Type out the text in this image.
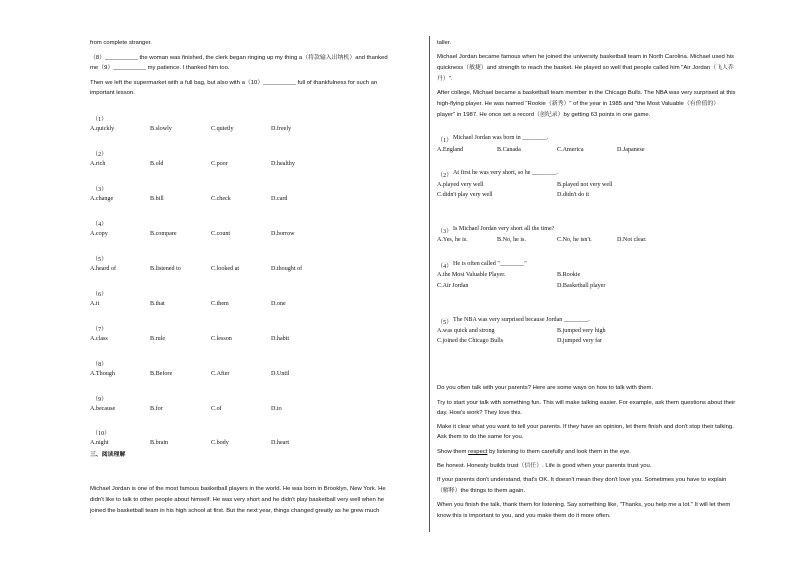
from complete stranger.
（8）__________ the woman was finished, the clerk began ringing up my thing a（将款输入出纳机）and thanked
me（9）__________ my patience. I thanked him too.
Then we left the supermarket with a full bag, but also with a（10）__________ full of thankfulness for such an
important lesson.
（1）
A.quickly	B.slowly	C.quietly	D.freely
（2）
A.rich	B.old	C.poor	D.healthy
（3）
A.change	B.bill	C.check	D.card
（4）
A.copy	B.compare	C.count	D.borrow
（5）
A.heard of	B.listened to	C.looked at	D.thought of
（6）
A.it	B.that	C.them	D.one
（7）
A.class	B.rule	C.lesson	D.habit
（8）
A.Though	B.Before	C.After	D.Until
（9）
A.because	B.for	C.of	D.to
（10）
A.night	B.brain	C.body	D.heart
三、阅读理解
Michael Jordan is one of the most famous basketball players in the world. He was born in Brooklyn, New York. He
didn't like to talk to other people about himself. He was very short and he didn't play basketball very well when he
joined the basketball team in his high school at first. But the next year, things changed greatly as he grew much
taller.
Michael Jordan became famous when he joined the university basketball team in North Carolina. Michael used his
quickness（敏捷）and strength to reach the basket. He played so well that people called him "Air Jordan（飞人乔
丹）".
After college, Michael became a basketball team member in the Chicago Bulls. The NBA was very surprised at this
high-flying player. He was named "Rookie（新秀）" of the year in 1985 and "the Most Valuable（有价值的）
player" in 1987. He once set a record（创纪录）by getting 63 points in one game.
（1） Michael Jordan was born in ________.
A.England	B.Canada	C.America	D.Japanese
（2） At first he was very short, so he ________.
A.played very well	B.played not very well
C.didn't play very well	D.didn't do it
（3） Is Michael Jordan very short all the time?
A.Yes, he is.	B.No, he is.	C.No, he isn't.	D.Not clear.
（4） He is often called "________"
A.the Most Valuable Player.	B.Rookie
C.Air Jordan	D.Basketball player
（5） The NBA was very surprised because Jordan ________.
A.was quick and strong	B.jumped very high
C.joined the Chicago Bulls	D.jumped very far
Do you often talk with your parents? Here are some ways on how to talk with them.
Try to start your talk with something fun. This will make talking easier. For example, ask them questions about their
day. How's work? They love this.
Make it clear what you want to tell your parents. If they have an opinion, let them finish and don't stop their talking.
Ask them to do the same for you.
Show them respect by listening to them carefully and look them in the eye.
Be honest. Honesty builds trust（信任）. Life is good when your parents trust you.
If your parents don't understand, that's OK. It doesn't mean they don't love you. Sometimes you have to explain
（解释）the things to them again.
When you finish the talk, thank them for listening. Say something like, "Thanks, you help me a lot." It will let them
know this is important to you, and you make them do it more often.
